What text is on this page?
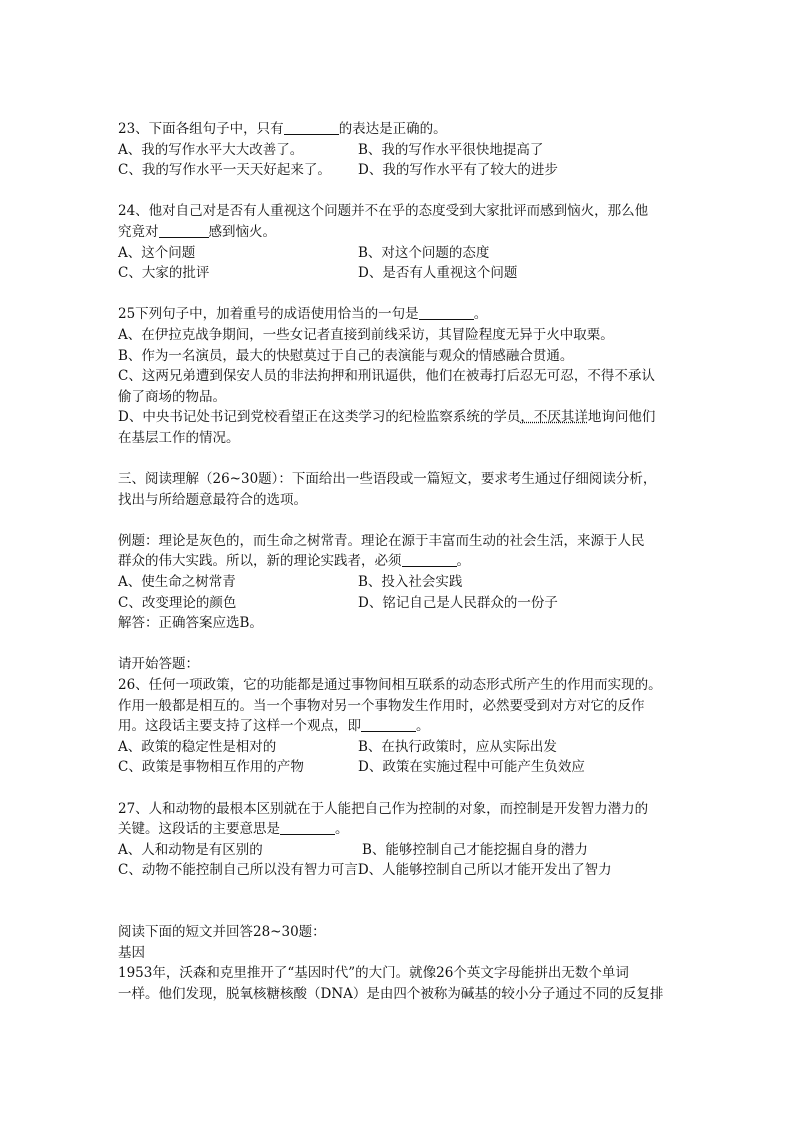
23、下面各组句子中，只有	的表达是正确的。
A、我的写作水平大大改善了。	B、我的写作水平很快地提高了
C、我的写作水平一天天好起来了。	D、我的写作水平有了较大的进步
24、他对自己对是否有人重视这个问题并不在乎的态度受到大家批评而感到恼火，那么他
究竟对	感到恼火。
A、这个问题	B、对这个问题的态度
C、大家的批评	D、是否有人重视这个问题
25下列句子中，加着重号的成语使用恰当的一句是	。
A、在伊拉克战争期间，一些女记者直接到前线采访，其冒险程度无异于火中取栗。
B、作为一名演员，最大的快慰莫过于自己的表演能与观众的情感融合贯通。
C、这两兄弟遭到保安人员的非法拘押和刑讯逼供，他们在被毒打后忍无可忍，不得不承认
偷了商场的物品。
D、中央书记处书记到党校看望正在这类学习的纪检监察系统的学员，不厌其详地询问他们
在基层工作的情况。
三、阅读理解（26~30题）：下面给出一些语段或一篇短文，要求考生通过仔细阅读分析，
找出与所给题意最符合的选项。
例题：理论是灰色的，而生命之树常青。理论在源于丰富而生动的社会生活，来源于人民
群众的伟大实践。所以，新的理论实践者，必须	。
A、使生命之树常青	B、投入社会实践
C、改变理论的颜色	D、铭记自己是人民群众的一份子
解答：正确答案应选B。
请开始答题：
26、任何一项政策，它的功能都是通过事物间相互联系的动态形式所产生的作用而实现的。
作用一般都是相互的。当一个事物对另一个事物发生作用时，必然要受到对方对它的反作
用。这段话主要支持了这样一个观点，即	。
A、政策的稳定性是相对的	B、在执行政策时，应从实际出发
C、政策是事物相互作用的产物	D、政策在实施过程中可能产生负效应
27、人和动物的最根本区别就在于人能把自己作为控制的对象，而控制是开发智力潜力的
关键。这段话的主要意思是	。
A、人和动物是有区别的	B、能够控制自己才能挖掘自身的潜力
C、动物不能控制自己所以没有智力可言D、人能够控制自己所以才能开发出了智力
阅读下面的短文并回答28~30题：
基因
1953年，沃森和克里推开了“基因时代”的大门。就像26个英文字母能拼出无数个单词
一样。他们发现，脱氧核糖核酸（DNA）是由四个被称为碱基的较小分子通过不同的反复排
